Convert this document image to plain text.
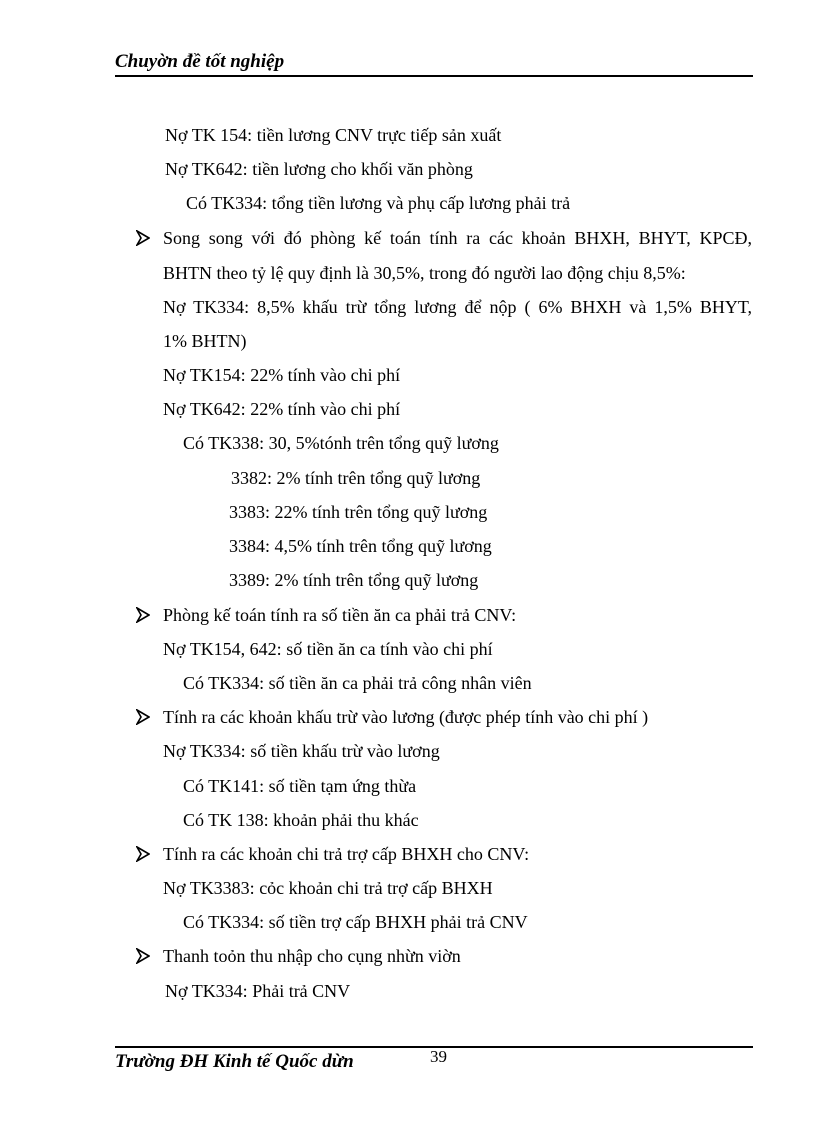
Chuyờn đề tốt nghiệp
Nợ TK 154: tiền lương CNV trực tiếp sản xuất
Nợ TK642: tiền lương cho khối văn phòng
Có TK334: tổng tiền lương và phụ cấp lương phải trả
Song song với đó phòng kế toán tính ra các khoản BHXH, BHYT, KPCĐ,
BHTN theo tỷ lệ quy định là 30,5%, trong đó người lao động chịu 8,5%:
Nợ TK334: 8,5% khấu trừ tổng lương để nộp ( 6% BHXH và 1,5% BHYT,
1% BHTN)
Nợ TK154: 22% tính vào chi phí
Nợ TK642: 22% tính vào chi phí
Có TK338: 30, 5%tónh trên tổng quỹ lương
3382: 2% tính trên tổng quỹ lương
3383: 22% tính trên tổng quỹ lương
3384: 4,5% tính trên tổng quỹ lương
3389: 2% tính trên tổng quỹ lương
Phòng kế toán tính ra số tiền ăn ca phải trả CNV:
Nợ TK154, 642: số tiền ăn ca tính vào chi phí
Có TK334: số tiền ăn ca phải trả công nhân viên
Tính ra các khoản khấu trừ vào lương (được phép tính vào chi phí )
Nợ TK334: số tiền khấu trừ vào lương
Có TK141: số tiền tạm ứng thừa
Có TK 138: khoản phải thu khác
Tính ra các khoản chi trả trợ cấp BHXH cho CNV:
Nợ TK3383: cỏc khoản chi trả trợ cấp BHXH
Có TK334: số tiền trợ cấp BHXH phải trả CNV
Thanh toỏn thu nhập cho cụng nhừn viờn
Nợ TK334: Phải trả CNV
Trường ĐH Kinh tế Quốc dừn	39
